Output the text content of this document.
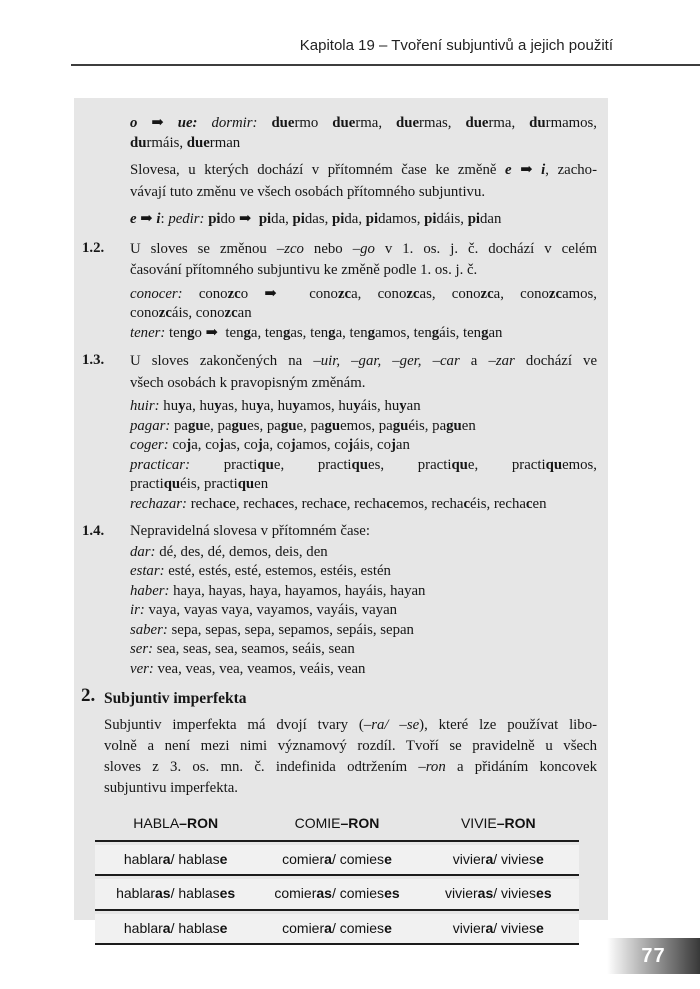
Kapitola 19 – Tvoření subjuntivů a jejich použití
o ➡ ue: dormir: duermo duerma, duermas, duerma, durmamos,
durmáis, duerman
Slovesa, u kterých dochází v přítomném čase ke změně e ➡ i, zacho-
vávají tuto změnu ve všech osobách přítomného subjuntivu.
e ➡ i: pedir: pido ➡  pida, pidas, pida, pidamos, pidáis, pidan
1.2. U sloves se změnou –zco nebo –go v 1. os. j. č. dochází v celém
časování přítomného subjuntivu ke změně podle 1. os. j. č.
conocer: conozco ➡  conozca, conozcas, conozca, conozcamos,
conozcáis, conozcan
tener: tengo ➡  tenga, tengas, tenga, tengamos, tengáis, tengan
1.3. U sloves zakončených na –uir, –gar, –ger, –car a –zar dochází ve
všech osobách k pravopisným změnám.
huir: huya, huyas, huya, huyamos, huyáis, huyan
pagar: pague, pagues, pague, paguemos, paguéis, paguen
coger: coja, cojas, coja, cojamos, cojáis, cojan
practicar: practique, practiques, practique, practiquemos,
practiquéis, practiquen
rechazar: rechace, rechaces, rechace, rechacemos, rechacéis, rechacen
1.4. Nepravidelná slovesa v přítomném čase:
dar: dé, des, dé, demos, deis, den
estar: esté, estés, esté, estemos, estéis, estén
haber: haya, hayas, haya, hayamos, hayáis, hayan
ir: vaya, vayas vaya, vayamos, vayáis, vayan
saber: sepa, sepas, sepa, sepamos, sepáis, sepan
ser: sea, seas, sea, seamos, seáis, sean
ver: vea, veas, vea, veamos, veáis, vean
2. Subjuntiv imperfekta
Subjuntiv imperfekta má dvojí tvary (–ra/ –se), které lze používat libo-
volně a není mezi nimi významový rozdíl. Tvoří se pravidelně u všech
sloves z 3. os. mn. č. indefinida odtržením –ron a přidáním koncovek
subjuntivu imperfekta.
HABLA–RON	COMIE–RON	VIVIE–RON
hablara/ hablase	comiera/ comiese	viviera/ viviese
hablaras/ hablases	comieras/ comieses	vivieras/ vivieses
hablara/ hablase	comiera/ comiese	viviera/ viviese
77
